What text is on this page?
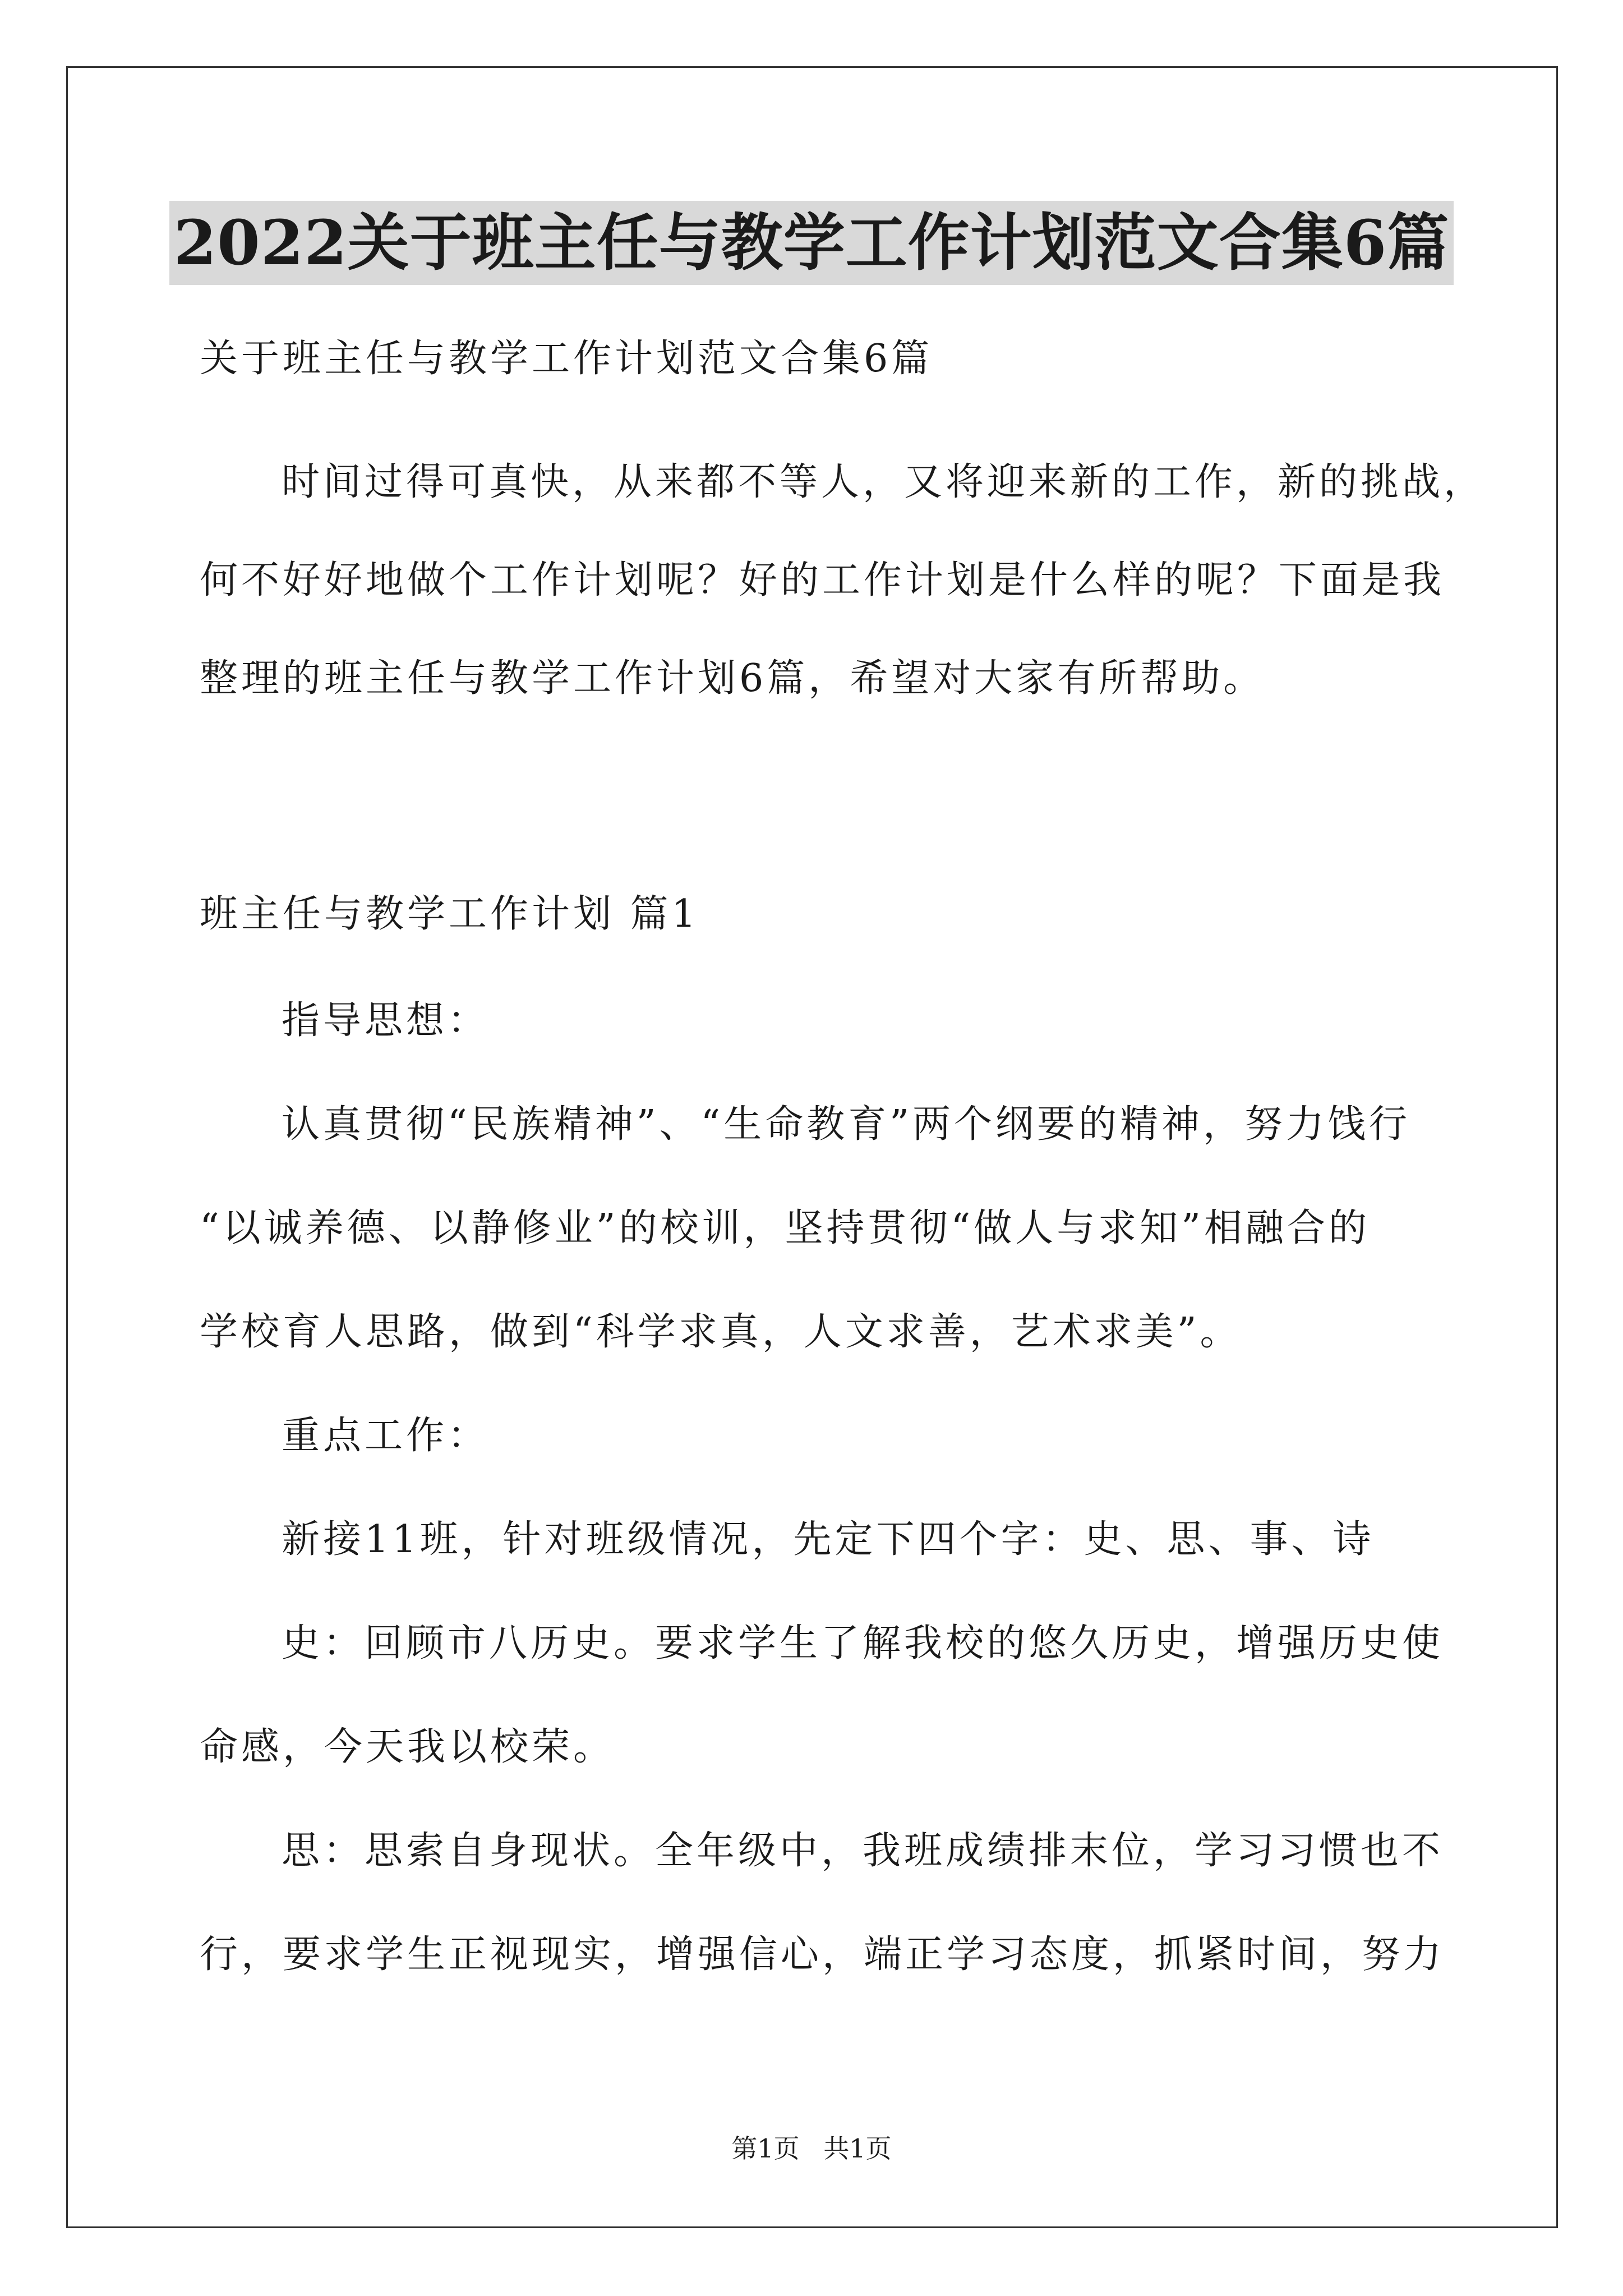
2022关于班主任与教学工作计划范文合集6篇
关于班主任与教学工作计划范文合集6篇
时间过得可真快，从来都不等人，又将迎来新的工作，新的挑战，
何不好好地做个工作计划呢？好的工作计划是什么样的呢？下面是我
整理的班主任与教学工作计划6篇，希望对大家有所帮助。
班主任与教学工作计划 篇1
指导思想：
认真贯彻“民族精神”、“生命教育”两个纲要的精神，努力饯行
“以诚养德、以静修业”的校训，坚持贯彻“做人与求知”相融合的
学校育人思路，做到“科学求真，人文求善，艺术求美”。
重点工作：
新接11班，针对班级情况，先定下四个字：史、思、事、诗
史：回顾市八历史。要求学生了解我校的悠久历史，增强历史使
命感，今天我以校荣。
思：思索自身现状。全年级中，我班成绩排末位，学习习惯也不
行，要求学生正视现实，增强信心，端正学习态度，抓紧时间，努力
第1页 共1页
